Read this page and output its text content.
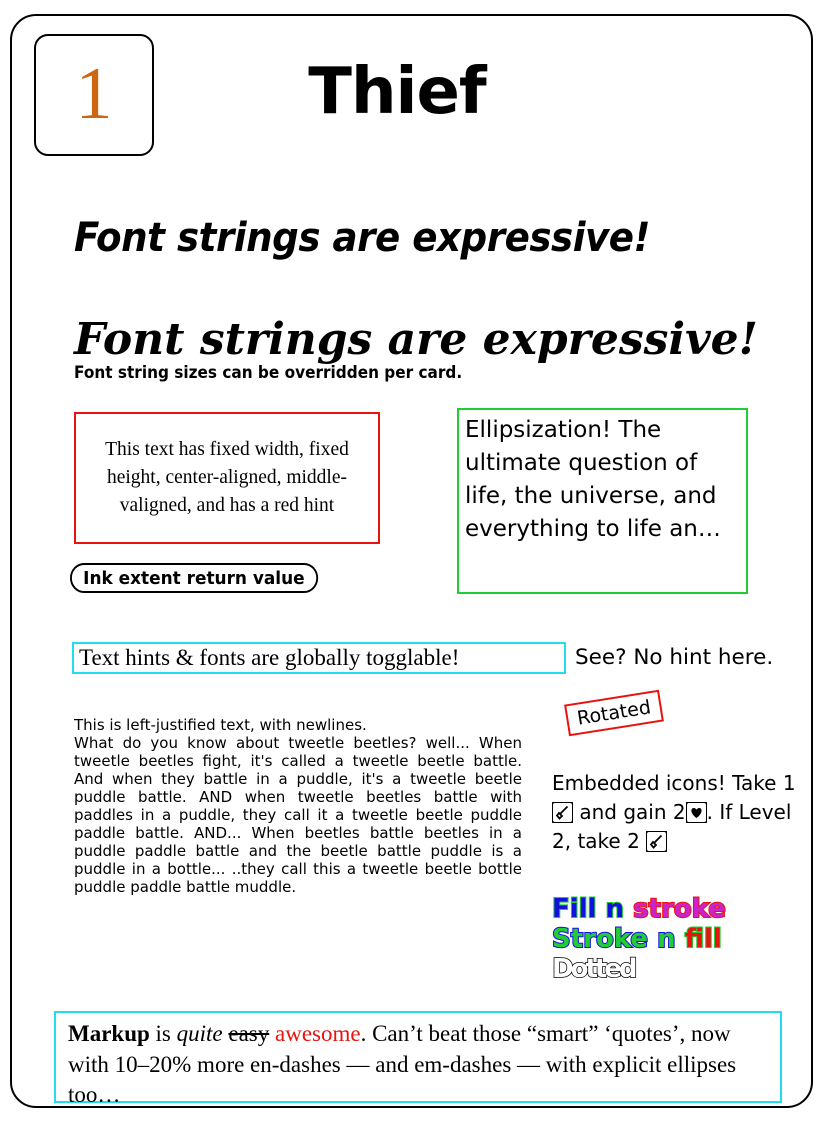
1	Thief
Font strings are expressive!
Font strings are expressive!
Font string sizes can be overridden per card.
This text has fixed width, fixed height, center-aligned, middle-valigned, and has a red hint
Ellipsization! The ultimate question of life, the universe, and everything to life an…
Ink extent return value
Text hints & fonts are globally togglable!	See? No hint here.
This is left-justified text, with newlines.
What do you know about tweetle beetles? well... When tweetle beetles fight, it's called a tweetle beetle battle. And when they battle in a puddle, it's a tweetle beetle puddle battle. AND when tweetle beetles battle with paddles in a puddle, they call it a tweetle beetle puddle paddle battle. AND... When beetles battle beetles in a puddle paddle battle and the beetle battle puddle is a puddle in a bottle... ..they call this a tweetle beetle bottle puddle paddle battle muddle.
Rotated
Embedded icons! Take 1
and gain 2 . If Level 2, take 2
Fill n stroke
Stroke n fill
Dotted
Markup is quite easy awesome. Can’t beat those “smart” ‘quotes’, now with 10–20% more en-dashes — and em-dashes — with explicit ellipses too…
